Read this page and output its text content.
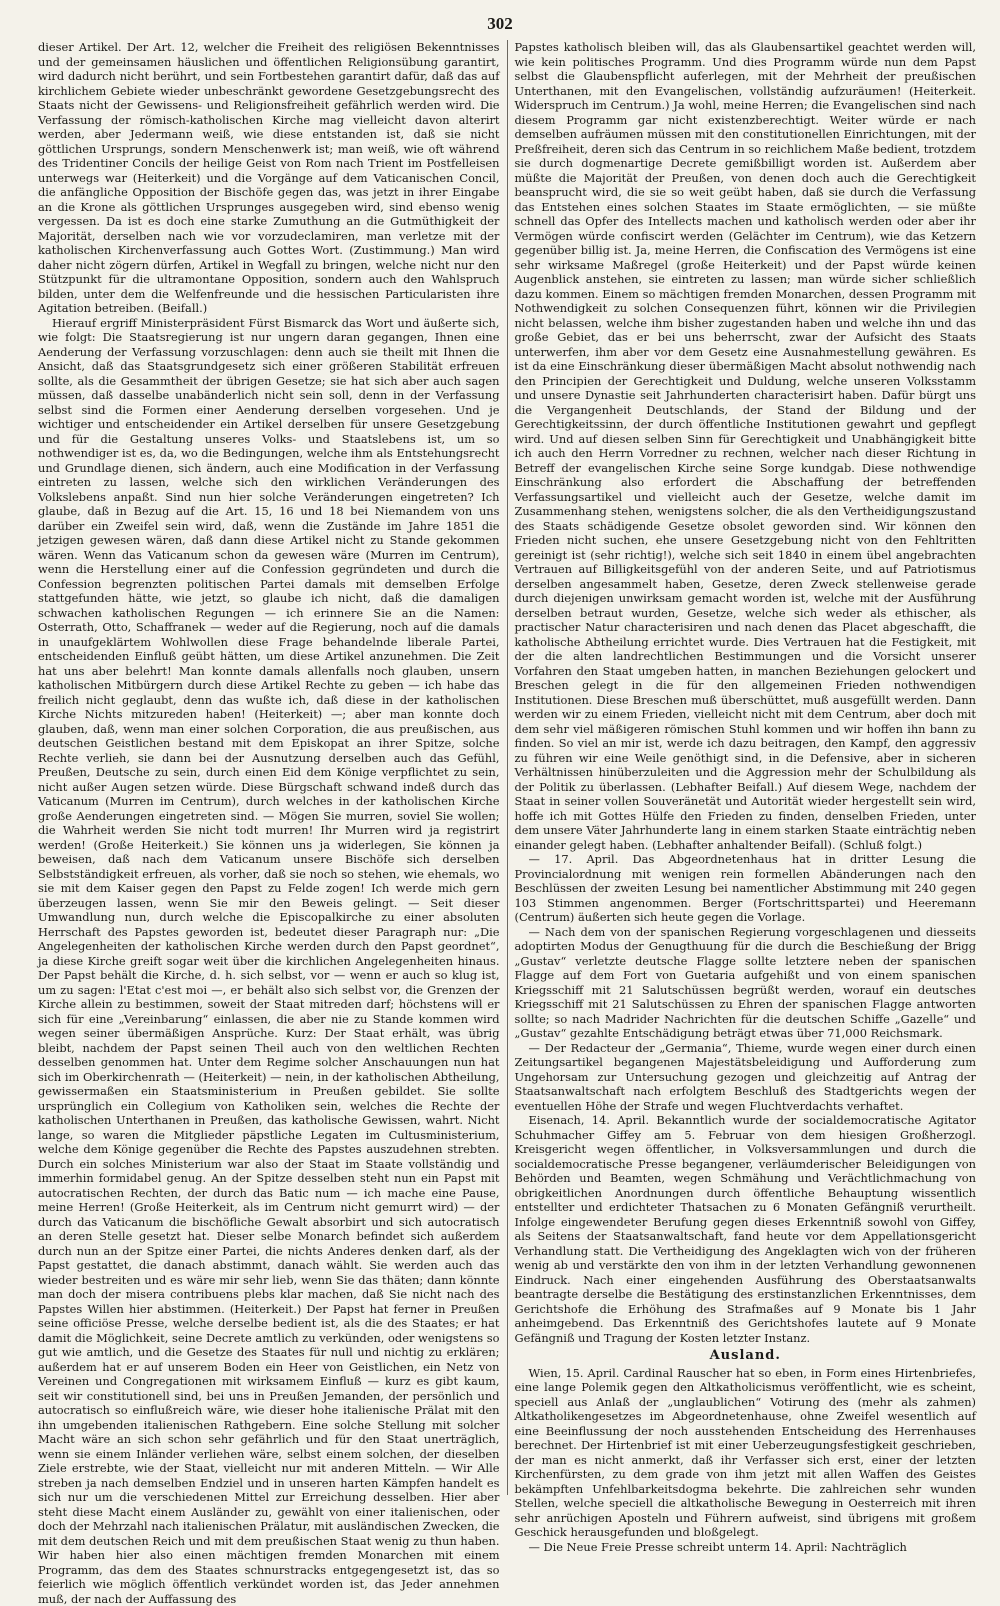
302

dieser Artikel. Der Art. 12, welcher die Freiheit des religiösen Bekenntnisses und der gemeinsamen häuslichen und öffentlichen Religionsübung garantirt, wird dadurch nicht berührt, und sein Fortbestehen garantirt dafür, daß das auf kirchlichem Gebiete wieder unbeschränkt gewordene Gesetzgebungsrecht des Staats nicht der Gewissens- und Religionsfreiheit gefährlich werden wird. Die Verfassung der römisch-katholischen Kirche mag vielleicht davon alterirt werden, aber Jedermann weiß, wie diese entstanden ist, daß sie nicht göttlichen Ursprungs, sondern Menschenwerk ist; man weiß, wie oft während des Tridentiner Concils der heilige Geist von Rom nach Trient im Postfelleisen unterwegs war (Heiterkeit) und die Vorgänge auf dem Vaticanischen Concil, die anfängliche Opposition der Bischöfe gegen das, was jetzt in ihrer Eingabe an die Krone als göttlichen Ursprunges ausgegeben wird, sind ebenso wenig vergessen. Da ist es doch eine starke Zumuthung an die Gutmüthigkeit der Majorität, derselben nach wie vor vorzudeclamiren, man verletze mit der katholischen Kirchenverfassung auch Gottes Wort. (Zustimmung.) Man wird daher nicht zögern dürfen, Artikel in Wegfall zu bringen, welche nicht nur den Stützpunkt für die ultramontane Opposition, sondern auch den Wahlspruch bilden, unter dem die Welfenfreunde und die hessischen Particularisten ihre Agitation betreiben. (Beifall.)

Hierauf ergriff Ministerpräsident Fürst Bismarck das Wort und äußerte sich, wie folgt: Die Staatsregierung ist nur ungern daran gegangen, Ihnen eine Aenderung der Verfassung vorzuschlagen: denn auch sie theilt mit Ihnen die Ansicht, daß das Staatsgrundgesetz sich einer größeren Stabilität erfreuen sollte, als die Gesammtheit der übrigen Gesetze; sie hat sich aber auch sagen müssen, daß dasselbe unabänderlich nicht sein soll, denn in der Verfassung selbst sind die Formen einer Aenderung derselben vorgesehen. Und je wichtiger und entscheidender ein Artikel derselben für unsere Gesetzgebung und für die Gestaltung unseres Volks- und Staatslebens ist, um so nothwendiger ist es, da, wo die Bedingungen, welche ihm als Entstehungsrecht und Grundlage dienen, sich ändern, auch eine Modification in der Verfassung eintreten zu lassen, welche sich den wirklichen Veränderungen des Volkslebens anpaßt. Sind nun hier solche Veränderungen eingetreten? Ich glaube, daß in Bezug auf die Art. 15, 16 und 18 bei Niemandem von uns darüber ein Zweifel sein wird, daß, wenn die Zustände im Jahre 1851 die jetzigen gewesen wären, daß dann diese Artikel nicht zu Stande gekommen wären. Wenn das Vaticanum schon da gewesen wäre (Murren im Centrum), wenn die Herstellung einer auf die Confession gegründeten und durch die Confession begrenzten politischen Partei damals mit demselben Erfolge stattgefunden hätte, wie jetzt, so glaube ich nicht, daß die damaligen schwachen katholischen Regungen — ich erinnere Sie an die Namen: Osterrath, Otto, Schaffranek — weder auf die Regierung, noch auf die damals in unaufgeklärtem Wohlwollen diese Frage behandelnde liberale Partei, entscheidenden Einfluß geübt hätten, um diese Artikel anzunehmen. Die Zeit hat uns aber belehrt! Man konnte damals allenfalls noch glauben, unsern katholischen Mitbürgern durch diese Artikel Rechte zu geben — ich habe das freilich nicht geglaubt, denn das wußte ich, daß diese in der katholischen Kirche Nichts mitzureden haben! (Heiterkeit) —; aber man konnte doch glauben, daß, wenn man einer solchen Corporation, die aus preußischen, aus deutschen Geistlichen bestand mit dem Episkopat an ihrer Spitze, solche Rechte verlieh, sie dann bei der Ausnutzung derselben auch das Gefühl, Preußen, Deutsche zu sein, durch einen Eid dem Könige verpflichtet zu sein, nicht außer Augen setzen würde. Diese Bürgschaft schwand indeß durch das Vaticanum (Murren im Centrum), durch welches in der katholischen Kirche große Aenderungen eingetreten sind. — Mögen Sie murren, soviel Sie wollen; die Wahrheit werden Sie nicht todt murren! Ihr Murren wird ja registrirt werden! (Große Heiterkeit.) Sie können uns ja widerlegen, Sie können ja beweisen, daß nach dem Vaticanum unsere Bischöfe sich derselben Selbstständigkeit erfreuen, als vorher, daß sie noch so stehen, wie ehemals, wo sie mit dem Kaiser gegen den Papst zu Felde zogen! Ich werde mich gern überzeugen lassen, wenn Sie mir den Beweis gelingt. — Seit dieser Umwandlung nun, durch welche die Episcopalkirche zu einer absoluten Herrschaft des Papstes geworden ist, bedeutet dieser Paragraph nur: „Die Angelegenheiten der katholischen Kirche werden durch den Papst geordnet“, ja diese Kirche greift sogar weit über die kirchlichen Angelegenheiten hinaus. Der Papst behält die Kirche, d. h. sich selbst, vor — wenn er auch so klug ist, um zu sagen: l'Etat c'est moi —, er behält also sich selbst vor, die Grenzen der Kirche allein zu bestimmen, soweit der Staat mitreden darf; höchstens will er sich für eine „Vereinbarung“ einlassen, die aber nie zu Stande kommen wird wegen seiner übermäßigen Ansprüche. Kurz: Der Staat erhält, was übrig bleibt, nachdem der Papst seinen Theil auch von den weltlichen Rechten desselben genommen hat. Unter dem Regime solcher Anschauungen nun hat sich im Oberkirchenrath — (Heiterkeit) — nein, in der katholischen Abtheilung, gewissermaßen ein Staatsministerium in Preußen gebildet. Sie sollte ursprünglich ein Collegium von Katholiken sein, welches die Rechte der katholischen Unterthanen in Preußen, das katholische Gewissen, wahrt. Nicht lange, so waren die Mitglieder päpstliche Legaten im Cultusministerium, welche dem Könige gegenüber die Rechte des Papstes auszudehnen strebten. Durch ein solches Ministerium war also der Staat im Staate vollständig und immerhin formidabel genug. An der Spitze desselben steht nun ein Papst mit autocratischen Rechten, der durch das Batic num — ich mache eine Pause, meine Herren! (Große Heiterkeit, als im Centrum nicht gemurrt wird) — der durch das Vaticanum die bischöfliche Gewalt absorbirt und sich autocratisch an deren Stelle gesetzt hat. Dieser selbe Monarch befindet sich außerdem durch nun an der Spitze einer Partei, die nichts Anderes denken darf, als der Papst gestattet, die danach abstimmt, danach wählt. Sie werden auch das wieder bestreiten und es wäre mir sehr lieb, wenn Sie das thäten; dann könnte man doch der misera contribuens plebs klar machen, daß Sie nicht nach des Papstes Willen hier abstimmen. (Heiterkeit.) Der Papst hat ferner in Preußen seine officiöse Presse, welche derselbe bedient ist, als die des Staates; er hat damit die Möglichkeit, seine Decrete amtlich zu verkünden, oder wenigstens so gut wie amtlich, und die Gesetze des Staates für null und nichtig zu erklären; außerdem hat er auf unserem Boden ein Heer von Geistlichen, ein Netz von Vereinen und Congregationen mit wirksamem Einfluß — kurz es gibt kaum, seit wir constitutionell sind, bei uns in Preußen Jemanden, der persönlich und autocratisch so einflußreich wäre, wie dieser hohe italienische Prälat mit den ihn umgebenden italienischen Rathgebern. Eine solche Stellung mit solcher Macht wäre an sich schon sehr gefährlich und für den Staat unerträglich, wenn sie einem Inländer verliehen wäre, selbst einem solchen, der dieselben Ziele erstrebte, wie der Staat, vielleicht nur mit anderen Mitteln. — Wir Alle streben ja nach demselben Endziel und in unseren harten Kämpfen handelt es sich nur um die verschiedenen Mittel zur Erreichung desselben. Hier aber steht diese Macht einem Ausländer zu, gewählt von einer italienischen, oder doch der Mehrzahl nach italienischen Prälatur, mit ausländischen Zwecken, die mit dem deutschen Reich und mit dem preußischen Staat wenig zu thun haben. Wir haben hier also einen mächtigen fremden Monarchen mit einem Programm, das dem des Staates schnurstracks entgegengesetzt ist, das so feierlich wie möglich öffentlich verkündet worden ist, das Jeder annehmen muß, der nach der Auffassung des

Papstes katholisch bleiben will, das als Glaubensartikel geachtet werden will, wie kein politisches Programm. Und dies Programm würde nun dem Papst selbst die Glaubenspflicht auferlegen, mit der Mehrheit der preußischen Unterthanen, mit den Evangelischen, vollständig aufzuräumen! (Heiterkeit. Widerspruch im Centrum.) Ja wohl, meine Herren; die Evangelischen sind nach diesem Programm gar nicht existenzberechtigt. Weiter würde er nach demselben aufräumen müssen mit den constitutionellen Einrichtungen, mit der Preßfreiheit, deren sich das Centrum in so reichlichem Maße bedient, trotzdem sie durch dogmenartige Decrete gemißbilligt worden ist. Außerdem aber müßte die Majorität der Preußen, von denen doch auch die Gerechtigkeit beansprucht wird, die sie so weit geübt haben, daß sie durch die Verfassung das Entstehen eines solchen Staates im Staate ermöglichten, — sie müßte schnell das Opfer des Intellects machen und katholisch werden oder aber ihr Vermögen würde confiscirt werden (Gelächter im Centrum), wie das Ketzern gegenüber billig ist. Ja, meine Herren, die Confiscation des Vermögens ist eine sehr wirksame Maßregel (große Heiterkeit) und der Papst würde keinen Augenblick anstehen, sie eintreten zu lassen; man würde sicher schließlich dazu kommen. Einem so mächtigen fremden Monarchen, dessen Programm mit Nothwendigkeit zu solchen Consequenzen führt, können wir die Privilegien nicht belassen, welche ihm bisher zugestanden haben und welche ihn und das große Gebiet, das er bei uns beherrscht, zwar der Aufsicht des Staats unterwerfen, ihm aber vor dem Gesetz eine Ausnahmestellung gewähren. Es ist da eine Einschränkung dieser übermäßigen Macht absolut nothwendig nach den Principien der Gerechtigkeit und Duldung, welche unseren Volksstamm und unsere Dynastie seit Jahrhunderten characterisirt haben. Dafür bürgt uns die Vergangenheit Deutschlands, der Stand der Bildung und der Gerechtigkeitssinn, der durch öffentliche Institutionen gewahrt und gepflegt wird. Und auf diesen selben Sinn für Gerechtigkeit und Unabhängigkeit bitte ich auch den Herrn Vorredner zu rechnen, welcher nach dieser Richtung in Betreff der evangelischen Kirche seine Sorge kundgab. Diese nothwendige Einschränkung also erfordert die Abschaffung der betreffenden Verfassungsartikel und vielleicht auch der Gesetze, welche damit im Zusammenhang stehen, wenigstens solcher, die als den Vertheidigungszustand des Staats schädigende Gesetze obsolet geworden sind. Wir können den Frieden nicht suchen, ehe unsere Gesetzgebung nicht von den Fehltritten gereinigt ist (sehr richtig!), welche sich seit 1840 in einem übel angebrachten Vertrauen auf Billigkeitsgefühl von der anderen Seite, und auf Patriotismus derselben angesammelt haben, Gesetze, deren Zweck stellenweise gerade durch diejenigen unwirksam gemacht worden ist, welche mit der Ausführung derselben betraut wurden, Gesetze, welche sich weder als ethischer, als practischer Natur characterisiren und nach denen das Placet abgeschafft, die katholische Abtheilung errichtet wurde. Dies Vertrauen hat die Festigkeit, mit der die alten landrechtlichen Bestimmungen und die Vorsicht unserer Vorfahren den Staat umgeben hatten, in manchen Beziehungen gelockert und Breschen gelegt in die für den allgemeinen Frieden nothwendigen Institutionen. Diese Breschen muß überschüttet, muß ausgefüllt werden. Dann werden wir zu einem Frieden, vielleicht nicht mit dem Centrum, aber doch mit dem sehr viel mäßigeren römischen Stuhl kommen und wir hoffen ihn bann zu finden. So viel an mir ist, werde ich dazu beitragen, den Kampf, den aggressiv zu führen wir eine Weile genöthigt sind, in die Defensive, aber in sicheren Verhältnissen hinüberzuleiten und die Aggression mehr der Schulbildung als der Politik zu überlassen. (Lebhafter Beifall.) Auf diesem Wege, nachdem der Staat in seiner vollen Souveränetät und Autorität wieder hergestellt sein wird, hoffe ich mit Gottes Hülfe den Frieden zu finden, denselben Frieden, unter dem unsere Väter Jahrhunderte lang in einem starken Staate einträchtig neben einander gelegt haben. (Lebhafter anhaltender Beifall). (Schluß folgt.)

— 17. April. Das Abgeordnetenhaus hat in dritter Lesung die Provincialordnung mit wenigen rein formellen Abänderungen nach den Beschlüssen der zweiten Lesung bei namentlicher Abstimmung mit 240 gegen 103 Stimmen angenommen. Berger (Fortschrittspartei) und Heeremann (Centrum) äußerten sich heute gegen die Vorlage.

— Nach dem von der spanischen Regierung vorgeschlagenen und diesseits adoptirten Modus der Genugthuung für die durch die Beschießung der Brigg „Gustav“ verletzte deutsche Flagge sollte letztere neben der spanischen Flagge auf dem Fort von Guetaria aufgehißt und von einem spanischen Kriegsschiff mit 21 Salutschüssen begrüßt werden, worauf ein deutsches Kriegsschiff mit 21 Salutschüssen zu Ehren der spanischen Flagge antworten sollte; so nach Madrider Nachrichten für die deutschen Schiffe „Gazelle“ und „Gustav“ gezahlte Entschädigung beträgt etwas über 71,000 Reichsmark.

— Der Redacteur der „Germania“, Thieme, wurde wegen einer durch einen Zeitungsartikel begangenen Majestätsbeleidigung und Aufforderung zum Ungehorsam zur Untersuchung gezogen und gleichzeitig auf Antrag der Staatsanwaltschaft nach erfolgtem Beschluß des Stadtgerichts wegen der eventuellen Höhe der Strafe und wegen Fluchtverdachts verhaftet.

Eisenach, 14. April. Bekanntlich wurde der socialdemocratische Agitator Schuhmacher Giffey am 5. Februar von dem hiesigen Großherzogl. Kreisgericht wegen öffentlicher, in Volksversammlungen und durch die socialdemocratische Presse begangener, verläumderischer Beleidigungen von Behörden und Beamten, wegen Schmähung und Verächtlichmachung von obrigkeitlichen Anordnungen durch öffentliche Behauptung wissentlich entstellter und erdichteter Thatsachen zu 6 Monaten Gefängniß verurtheilt. Infolge eingewendeter Berufung gegen dieses Erkenntniß sowohl von Giffey, als Seitens der Staatsanwaltschaft, fand heute vor dem Appellationsgericht Verhandlung statt. Die Vertheidigung des Angeklagten wich von der früheren wenig ab und verstärkte den von ihm in der letzten Verhandlung gewonnenen Eindruck. Nach einer eingehenden Ausführung des Oberstaatsanwalts beantragte derselbe die Bestätigung des erstinstanzlichen Erkenntnisses, dem Gerichtshofe die Erhöhung des Strafmaßes auf 9 Monate bis 1 Jahr anheimgebend. Das Erkenntniß des Gerichtshofes lautete auf 9 Monate Gefängniß und Tragung der Kosten letzter Instanz.

Ausland.

Wien, 15. April. Cardinal Rauscher hat so eben, in Form eines Hirtenbriefes, eine lange Polemik gegen den Altkatholicismus veröffentlicht, wie es scheint, speciell aus Anlaß der „unglaublichen“ Votirung des (mehr als zahmen) Altkatholikengesetzes im Abgeordnetenhause, ohne Zweifel wesentlich auf eine Beeinflussung der noch ausstehenden Entscheidung des Herrenhauses berechnet. Der Hirtenbrief ist mit einer Ueberzeugungsfestigkeit geschrieben, der man es nicht anmerkt, daß ihr Verfasser sich erst, einer der letzten Kirchenfürsten, zu dem grade von ihm jetzt mit allen Waffen des Geistes bekämpften Unfehlbarkeitsdogma bekehrte. Die zahlreichen sehr wunden Stellen, welche speciell die altkatholische Bewegung in Oesterreich mit ihren sehr anrüchigen Aposteln und Führern aufweist, sind übrigens mit großem Geschick herausgefunden und bloßgelegt.

— Die Neue Freie Presse schreibt unterm 14. April: Nachträglich
